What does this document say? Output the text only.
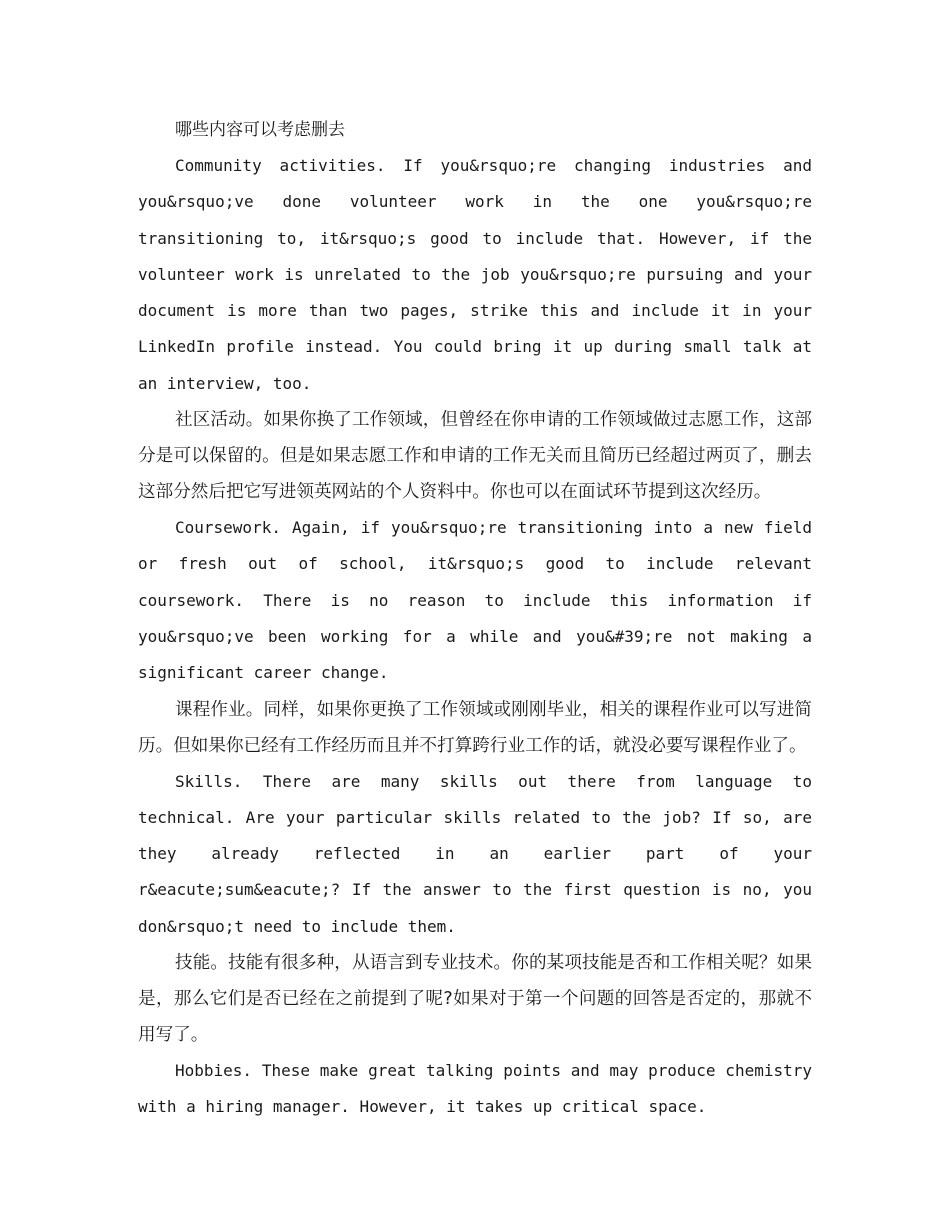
哪些内容可以考虑删去

Community activities. If you&rsquo;re changing industries and you&rsquo;ve done volunteer work in the one you&rsquo;re transitioning to, it&rsquo;s good to include that. However, if the volunteer work is unrelated to the job you&rsquo;re pursuing and your document is more than two pages, strike this and include it in your LinkedIn profile instead. You could bring it up during small talk at an interview, too.

社区活动。如果你换了工作领域，但曾经在你申请的工作领域做过志愿工作，这部分是可以保留的。但是如果志愿工作和申请的工作无关而且简历已经超过两页了，删去这部分然后把它写进领英网站的个人资料中。你也可以在面试环节提到这次经历。

Coursework. Again, if you&rsquo;re transitioning into a new field or fresh out of school, it&rsquo;s good to include relevant coursework. There is no reason to include this information if you&rsquo;ve been working for a while and you&#39;re not making a significant career change.

课程作业。同样，如果你更换了工作领域或刚刚毕业，相关的课程作业可以写进简历。但如果你已经有工作经历而且并不打算跨行业工作的话，就没必要写课程作业了。

Skills. There are many skills out there from language to technical. Are your particular skills related to the job? If so, are they already reflected in an earlier part of your r&eacute;sum&eacute;? If the answer to the first question is no, you don&rsquo;t need to include them.

技能。技能有很多种，从语言到专业技术。你的某项技能是否和工作相关呢？如果是，那么它们是否已经在之前提到了呢?如果对于第一个问题的回答是否定的，那就不用写了。

Hobbies. These make great talking points and may produce chemistry with a hiring manager. However, it takes up critical space.
